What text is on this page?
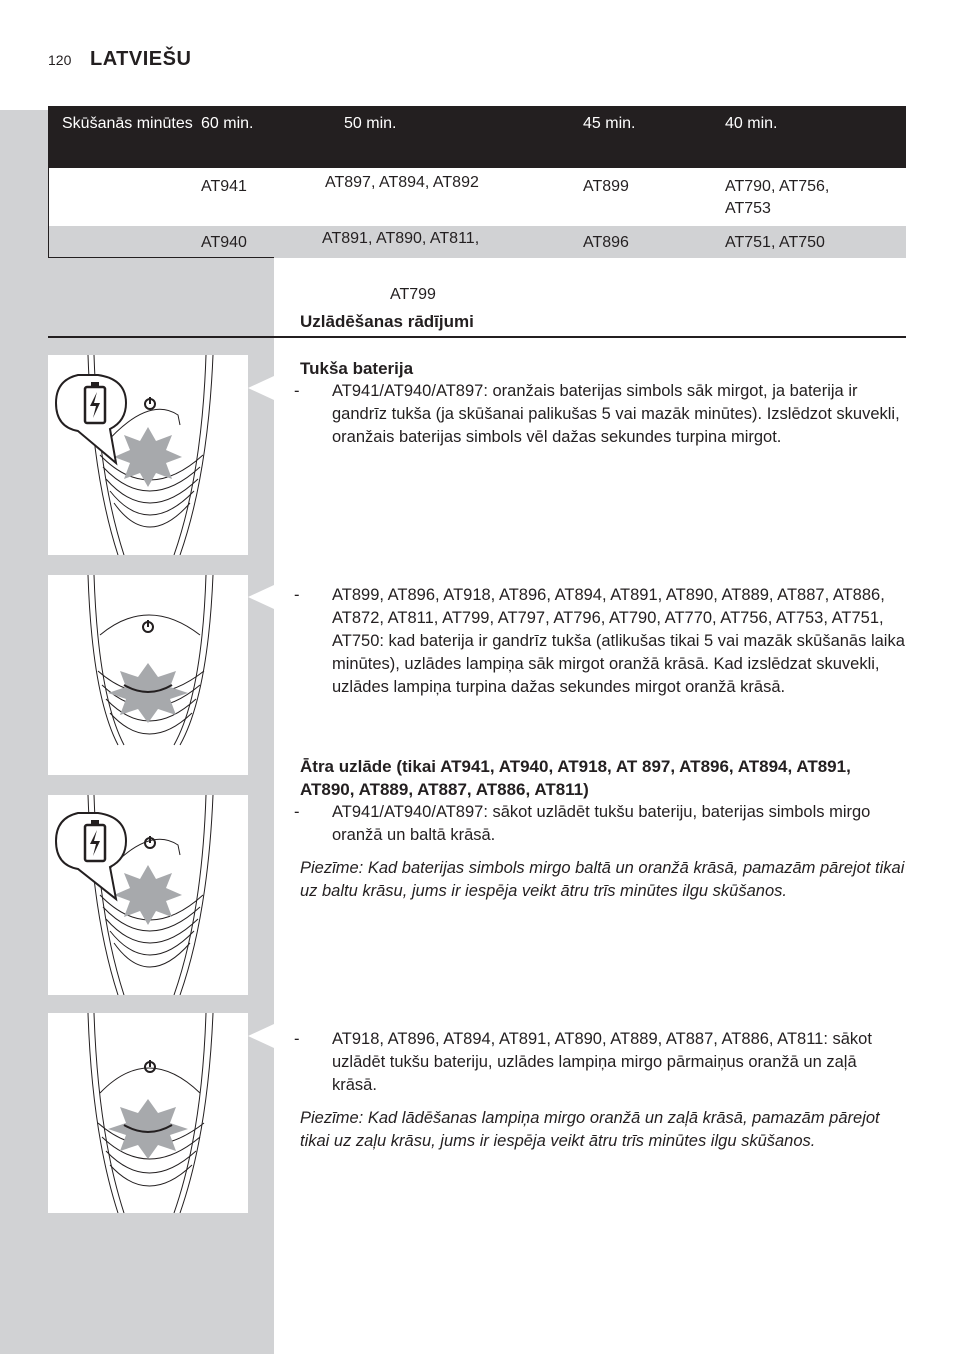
120 LATVIEŠU
Skūšanās minūtes 60 min.	50 min.	45 min.	40 min.
AT941	AT897, AT894, AT892	AT899	AT790, AT756, AT753
AT940	AT891, AT890, AT811,	AT896	AT751, AT750
AT799
Uzlādēšanas rādījumi
Tukša baterija
- AT941/AT940/AT897: oranžais baterijas simbols sāk mirgot, ja baterija ir gandrīz tukša (ja skūšanai palikušas 5 vai mazāk minūtes). Izslēdzot skuvekli, oranžais baterijas simbols vēl dažas sekundes turpina mirgot.
- AT899, AT896, AT918, AT896, AT894, AT891, AT890, AT889, AT887, AT886, AT872, AT811, AT799, AT797, AT796, AT790, AT770, AT756, AT753, AT751, AT750: kad baterija ir gandrīz tukša (atlikušas tikai 5 vai mazāk skūšanās laika minūtes), uzlādes lampiņa sāk mirgot oranžā krāsā. Kad izslēdzat skuvekli, uzlādes lampiņa turpina dažas sekundes mirgot oranžā krāsā.
Ātra uzlāde (tikai AT941, AT940, AT918, AT 897, AT896, AT894, AT891, AT890, AT889, AT887, AT886, AT811)
- AT941/AT940/AT897: sākot uzlādēt tukšu bateriju, baterijas simbols mirgo oranžā un baltā krāsā.
Piezīme: Kad baterijas simbols mirgo baltā un oranžā krāsā, pamazām pārejot tikai uz baltu krāsu, jums ir iespēja veikt ātru trīs minūtes ilgu skūšanos.
- AT918, AT896, AT894, AT891, AT890, AT889, AT887, AT886, AT811: sākot uzlādēt tukšu bateriju, uzlādes lampiņa mirgo pārmaiņus oranžā un zaļā krāsā.
Piezīme: Kad lādēšanas lampiņa mirgo oranžā un zaļā krāsā, pamazām pārejot tikai uz zaļu krāsu, jums ir iespēja veikt ātru trīs minūtes ilgu skūšanos.
